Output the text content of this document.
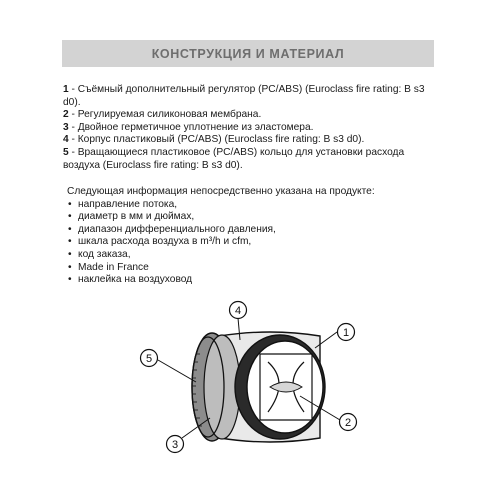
КОНСТРУКЦИЯ И МАТЕРИАЛ

1 - Съёмный дополнительный регулятор (PC/ABS) (Euroclass fire rating: B s3 d0).

2 - Регулируемая силиконовая мембрана.

3 - Двойное герметичное уплотнение из эластомера.

4 - Корпус пластиковый (PC/ABS) (Euroclass fire rating: B s3 d0).

5 - Вращающиеся пластиковое (PC/ABS) кольцо для установки расхода воздуха (Euroclass fire rating: B s3 d0).

Следующая информация непосредственно указана на продукте:

• направление потока,
• диаметр в мм и дюймах,
• диапазон дифференциального давления,
• шкала расхода воздуха в m³/h и cfm,
• код заказа,
• Made in France
• наклейка на воздуховод
4
1
5
2
3
